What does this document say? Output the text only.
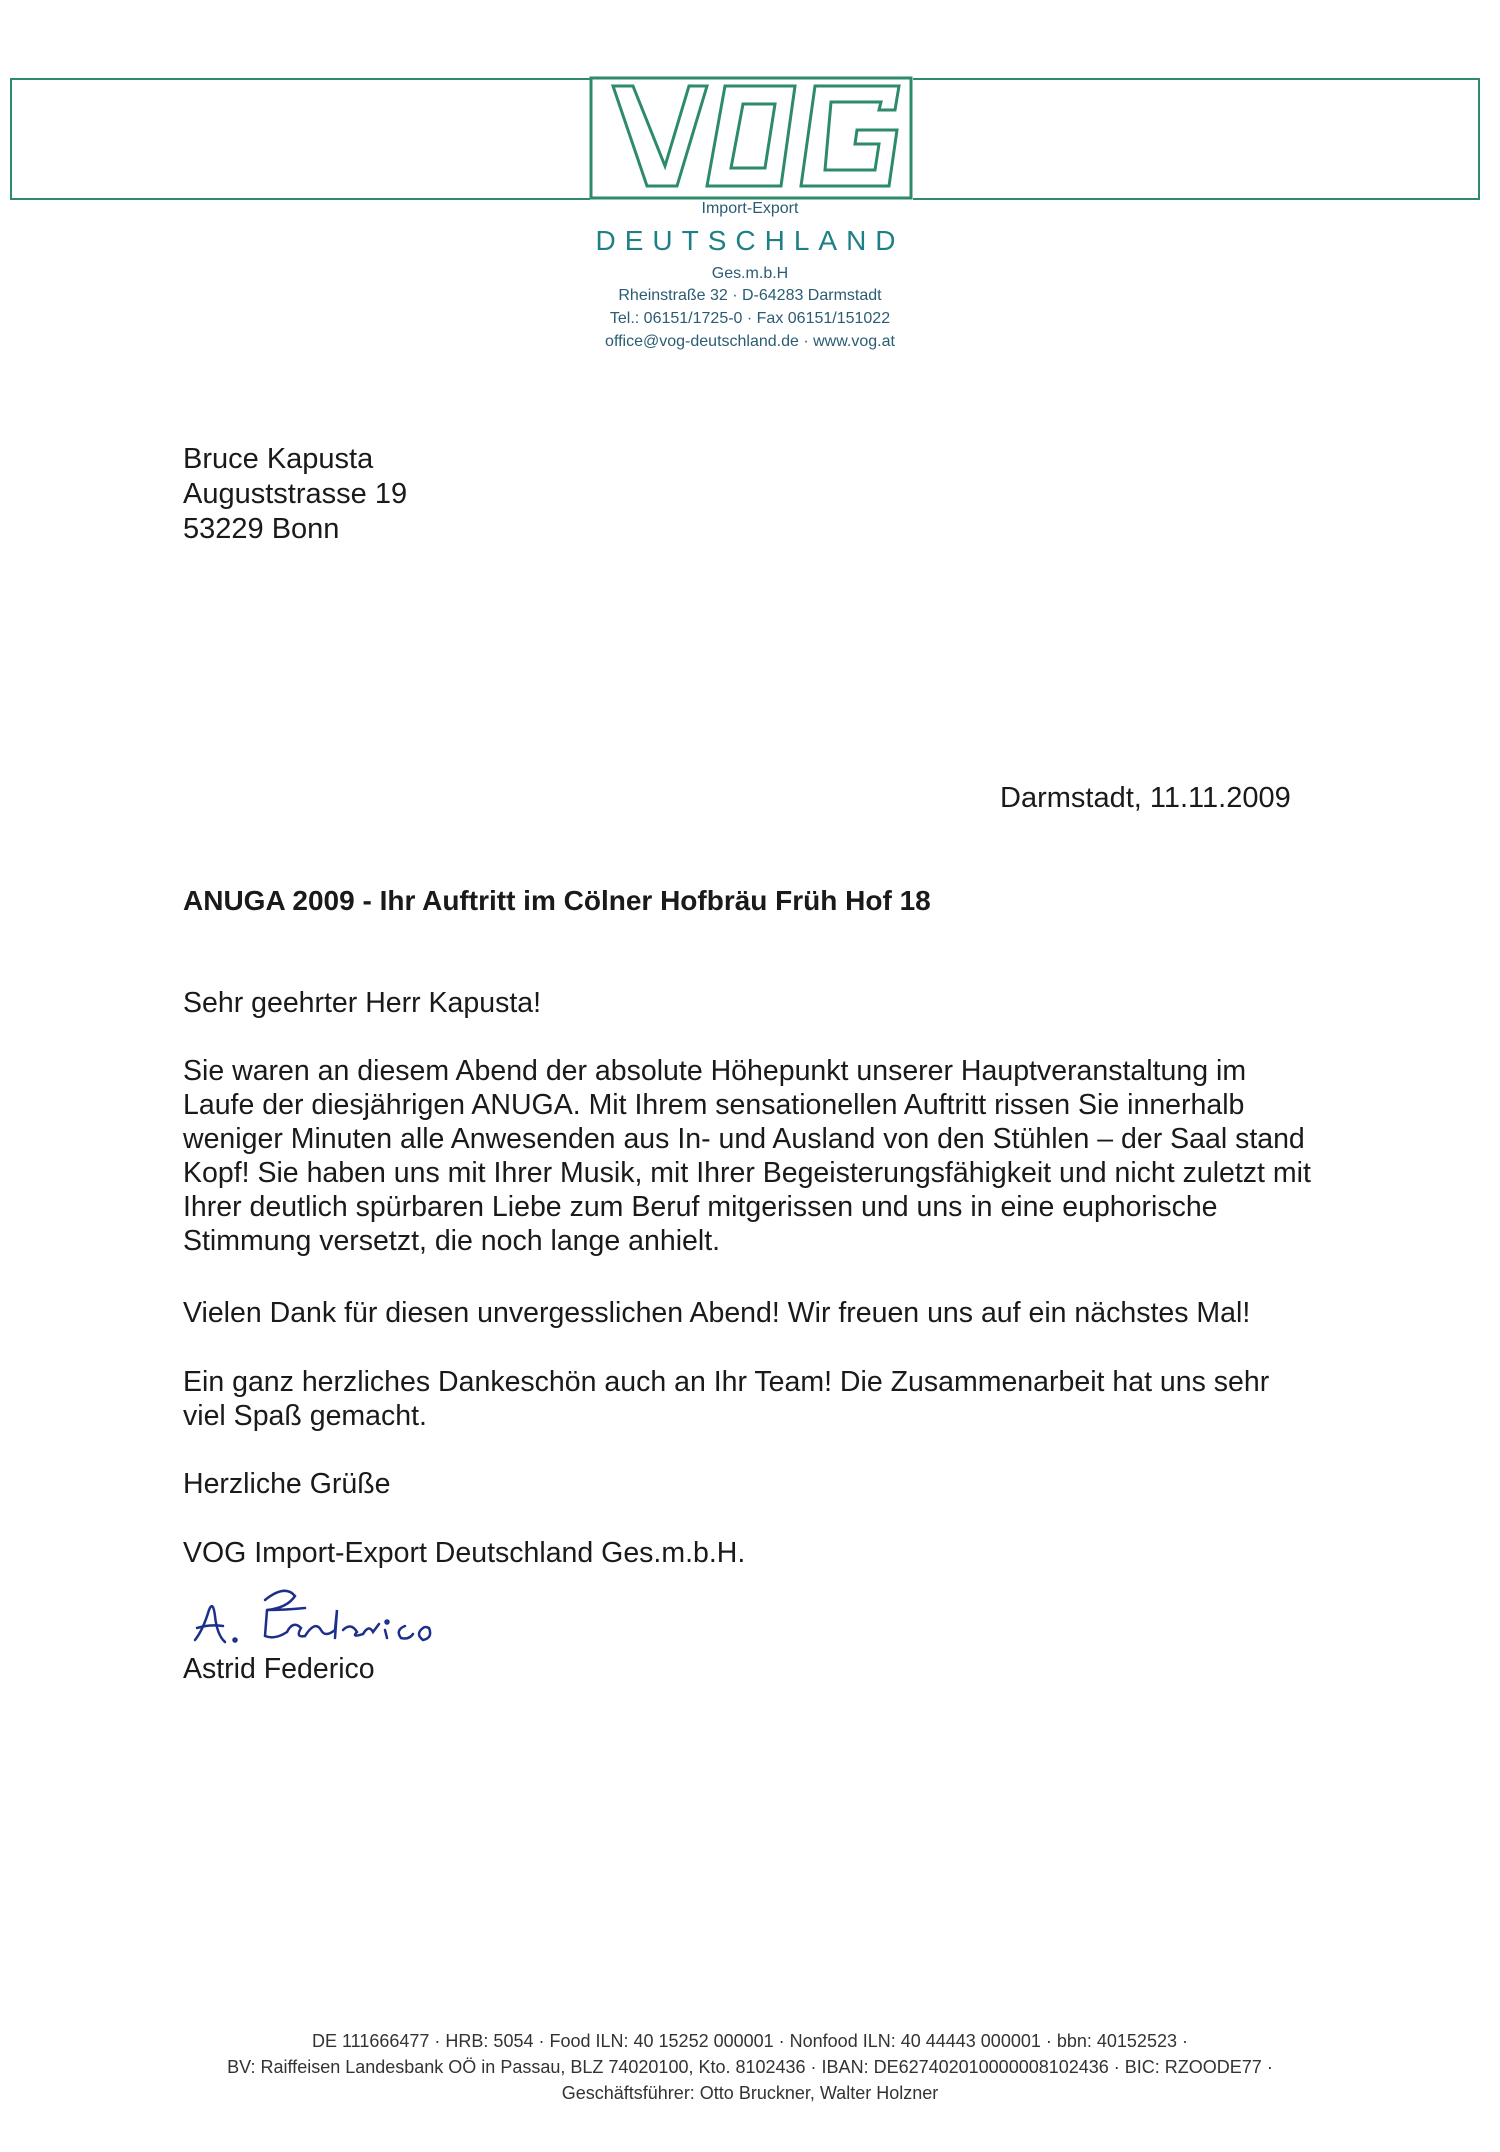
Import-Export
DEUTSCHLAND
Ges.m.b.H
Rheinstraße 32 · D-64283 Darmstadt
Tel.: 06151/1725-0 · Fax 06151/151022
office@vog-deutschland.de · www.vog.at
Bruce Kapusta
Auguststrasse 19
53229 Bonn
Darmstadt, 11.11.2009
ANUGA 2009 - Ihr Auftritt im Cölner Hofbräu Früh Hof 18
Sehr geehrter Herr Kapusta!
Sie waren an diesem Abend der absolute Höhepunkt unserer Hauptveranstaltung im Laufe der diesjährigen ANUGA. Mit Ihrem sensationellen Auftritt rissen Sie innerhalb weniger Minuten alle Anwesenden aus In- und Ausland von den Stühlen – der Saal stand Kopf! Sie haben uns mit Ihrer Musik, mit Ihrer Begeisterungsfähigkeit und nicht zuletzt mit Ihrer deutlich spürbaren Liebe zum Beruf mitgerissen und uns in eine euphorische Stimmung versetzt, die noch lange anhielt.
Vielen Dank für diesen unvergesslichen Abend! Wir freuen uns auf ein nächstes Mal!
Ein ganz herzliches Dankeschön auch an Ihr Team! Die Zusammenarbeit hat uns sehr viel Spaß gemacht.
Herzliche Grüße
VOG Import-Export Deutschland Ges.m.b.H.
Astrid Federico
DE 111666477 · HRB: 5054 · Food ILN: 40 15252 000001 · Nonfood ILN: 40 44443 000001 · bbn: 40152523 ·
BV: Raiffeisen Landesbank OÖ in Passau, BLZ 74020100, Kto. 8102436 · IBAN: DE627402010000008102436 · BIC: RZOODE77 ·
Geschäftsführer: Otto Bruckner, Walter Holzner
